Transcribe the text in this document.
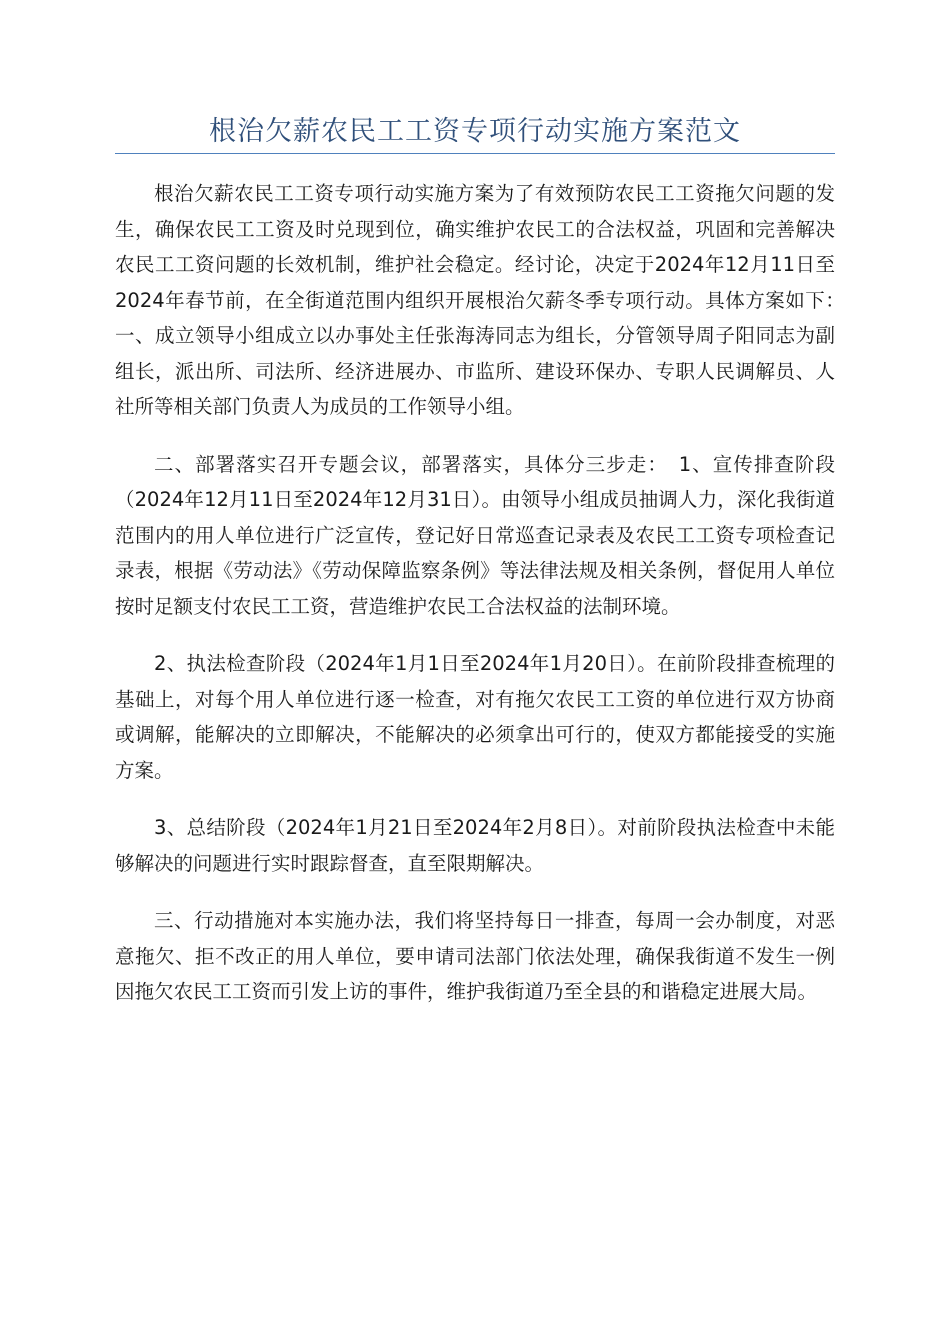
根治欠薪农民工工资专项行动实施方案范文

根治欠薪农民工工资专项行动实施方案为了有效预防农民工工资拖欠问题的发生，确保农民工工资及时兑现到位，确实维护农民工的合法权益，巩固和完善解决农民工工资问题的长效机制，维护社会稳定。经讨论，决定于2024年12月11日至2024年春节前，在全街道范围内组织开展根治欠薪冬季专项行动。具体方案如下：　一、成立领导小组成立以办事处主任张海涛同志为组长，分管领导周子阳同志为副组长，派出所、司法所、经济进展办、市监所、建设环保办、专职人民调解员、人社所等相关部门负责人为成员的工作领导小组。

二、部署落实召开专题会议，部署落实，具体分三步走：　1、宣传排查阶段（2024年12月11日至2024年12月31日）。由领导小组成员抽调人力，深化我街道范围内的用人单位进行广泛宣传，登记好日常巡查记录表及农民工工资专项检查记录表，根据《劳动法》《劳动保障监察条例》等法律法规及相关条例，督促用人单位按时足额支付农民工工资，营造维护农民工合法权益的法制环境。

2、执法检查阶段（2024年1月1日至2024年1月20日）。在前阶段排查梳理的基础上，对每个用人单位进行逐一检查，对有拖欠农民工工资的单位进行双方协商或调解，能解决的立即解决，不能解决的必须拿出可行的，使双方都能接受的实施方案。

3、总结阶段（2024年1月21日至2024年2月8日）。对前阶段执法检查中未能够解决的问题进行实时跟踪督查，直至限期解决。

三、行动措施对本实施办法，我们将坚持每日一排查，每周一会办制度，对恶意拖欠、拒不改正的用人单位，要申请司法部门依法处理，确保我街道不发生一例因拖欠农民工工资而引发上访的事件，维护我街道乃至全县的和谐稳定进展大局。
